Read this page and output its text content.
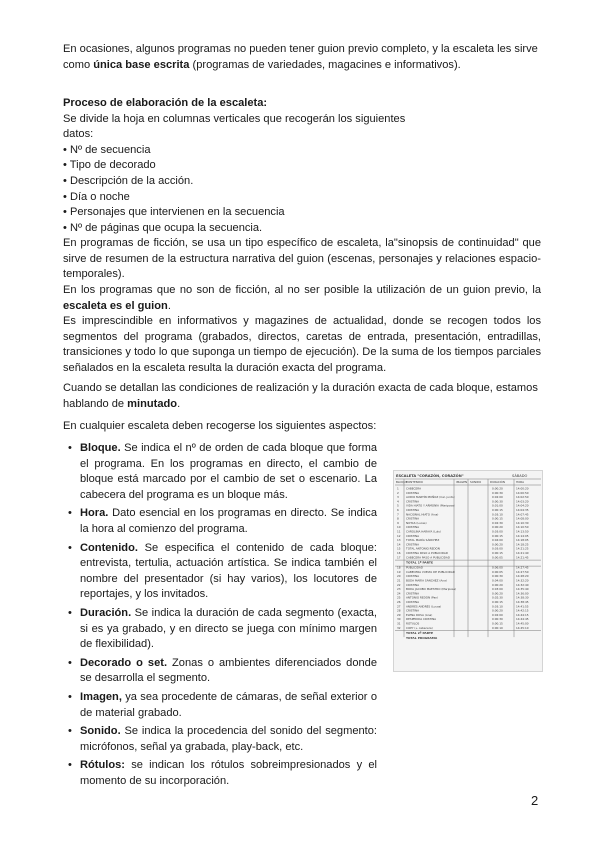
En ocasiones, algunos programas no pueden tener guion previo completo, y la escaleta les sirve como única base escrita (programas de variedades, magacines e informativos).

Proceso de elaboración de la escaleta:
Se divide la hoja en columnas verticales que recogerán los siguientes
datos:
• Nº de secuencia
• Tipo de decorado
• Descripción de la acción.
• Día o noche
• Personajes que intervienen en la secuencia
• Nº de páginas que ocupa la secuencia.

En programas de ficción, se usa un tipo específico de escaleta, la"sinopsis de continuidad" que sirve de resumen de la estructura narrativa del guion (escenas, personajes y relaciones espacio-temporales).

En los programas que no son de ficción, al no ser posible la utilización de un guion previo, la escaleta es el guion.
Es imprescindible en informativos y magazines de actualidad, donde se recogen todos los segmentos del programa (grabados, directos, caretas de entrada, presentación, entradillas, transiciones y todo lo que suponga un tiempo de ejecución). De la suma de los tiempos parciales señalados en la escaleta resulta la duración exacta del programa.

Cuando se detallan las condiciones de realización y la duración exacta de cada bloque, estamos hablando de minutado.

En cualquier escaleta deben recogerse los siguientes aspectos:

• Bloque. Se indica el nº de orden de cada bloque que forma el programa. En los programas en directo, el cambio de bloque está marcado por el cambio de set o escenario. La cabecera del programa es un bloque más.
• Hora. Dato esencial en los programas en directo. Se indica la hora al comienzo del programa.
• Contenido. Se especifica el contenido de cada bloque: entrevista, tertulia, actuación artística. Se indica también el nombre del presentador (si hay varios), los locutores de reportajes, y los invitados.
• Duración. Se indica la duración de cada segmento (exacta, si es ya grabado, y en directo se juega con mínimo margen de flexibilidad).
• Decorado o set. Zonas o ambientes diferenciados donde se desarrolla el segmento.
• Imagen, ya sea procedente de cámaras, de señal exterior o de material grabado.
• Sonido. Se indica la procedencia del sonido del segmento: micrófonos, señal ya grabada, play-back, etc.
• Rótulos: se indican los rótulos sobreimpresionados y el momento de su incorporación.
ESCALETA "CORAZÓN, CORAZÓN"	SÁBADO
BLOQUE
CONTENIDO	IMAGEN SONIDO	DURACIÓN	HORA
1	CABECERA	0:00:20	14:00:20
2	CRISTINA	0:00:30	14:00:50
3	AUDIO MARTÍN MUÑOZ (Cal. junto)	0:02:00	14:02:50
4	CRISTINA	0:00:30	14:03:20
5	VIDA HIATO Y ARMONÍA (Mariposa)	0:01:00	14:04:20
6	CRISTINA	0:00:15	14:04:35
7	NACIONAL HIATO (Ana)	0:03:10	14:07:45
8	CRISTINA	0:00:15	14:08:00
9	NOTAS (Lucas)	0:02:30	14:10:30
10 CRISTINA	0:00:20	14:10:50
11 CAROLINA HARAYA (Lulu)	0:03:00	14:13:50
12 CRISTINA	0:00:15	14:14:05
13	TOTAL MARÍA SÁNCHEZ	0:04:00	14:18:05
14 CRISTINA	0:00:20	14:18:25
15	TOTAL ANTONIO REDÓN	0:03:00	14:21:25
16 CRISTINA PASO A PUBLICIDAD	0:00:15	14:21:40
17 CABECERA PASO A PUBLICIDAD	0:00:05	14:21:45
TOTAL 1ª PARTE
18 PUBLICIDAD	0:06:00	14:27:45
19 CABECERA VUELTA DE PUBLICIDAD	0:00:05	14:27:50
20 CRISTINA	0:00:30	14:28:20
21 BODA MARÍA SÁNCHEZ (Ana)	0:04:00	14:32:20
22 CRISTINA	0:00:20	14:32:40
23 BODA JACOBO MAESTRO (Mariposa)	0:03:00	14:35:40
24 CRISTINA	0:00:20	14:36:00
25 ANTONIO REDÓN (Pan)	0:02:30	14:38:30
26 CRISTINA	0:00:15	14:38:45
27 ANDRÉS ANDRÉS (Lucas)	0:03:10	14:41:55
28 CRISTINA	0:00:20	14:42:15
29 ELENA ROSA (Ana)	0:02:00	14:44:15
30 DESPEDIDA CRISTINA	0:00:30	14:44:45
31 RÓTULOS	0:00:15	14:45:00
32 COPY (+ cabecera)	0:00:10	14:45:10
TOTAL 2ª PARTE
TOTAL PROGRAMA
2
